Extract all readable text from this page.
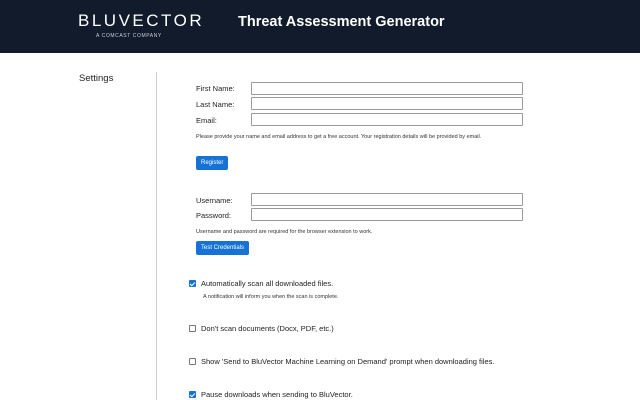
BLUVECTOR
A COMCAST COMPANY
Threat Assessment Generator
Settings
First Name:
Last Name:
Email:
Please provide your name and email address to get a free account. Your registration details will be provided by email.
Register
Username:
Password:
Username and password are required for the browser extension to work.
Test Credentials
Automatically scan all downloaded files.
A notification will inform you when the scan is complete.
Don't scan documents (Docx, PDF, etc.)
Show 'Send to BluVector Machine Learning on Demand' prompt when downloading files.
Pause downloads when sending to BluVector.
